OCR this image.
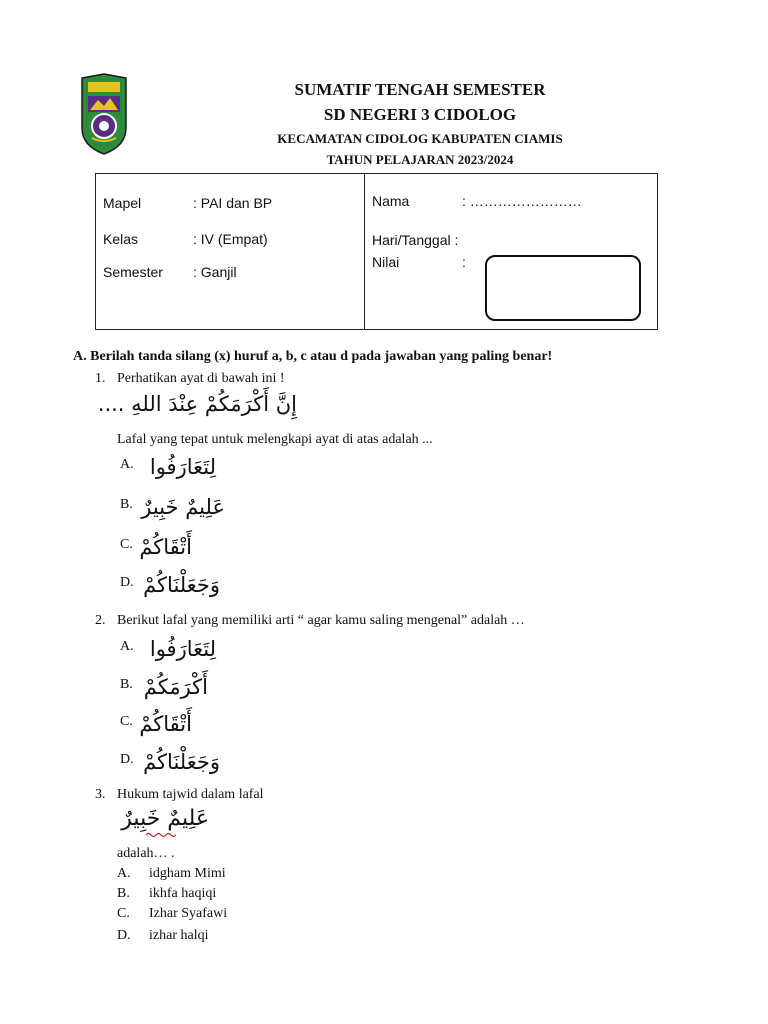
SUMATIF TENGAH SEMESTER
SD NEGERI 3 CIDOLOG
KECAMATAN CIDOLOG KABUPATEN CIAMIS
TAHUN PELAJARAN 2023/2024
Mapel	: PAI dan BP
Kelas	: IV (Empat)
Semester : Ganjil
Nama	: ……………………
Hari/Tanggal :
Nilai	:
A. Berilah tanda silang (x) huruf a, b, c atau d pada jawaban yang paling benar!
1. Perhatikan ayat di bawah ini !
إِنَّ أَكْرَمَكُمْ عِنْدَ اللهِ ....
Lafal yang tepat untuk melengkapi ayat di atas adalah ...
A. لِتَعَارَفُوا
B. عَلِيمٌ خَبِيرٌ
C. أَتْقَاكُمْ
D. وَجَعَلْنَاكُمْ
2. Berikut lafal yang memiliki arti “ agar kamu saling mengenal” adalah …
A. لِتَعَارَفُوا
B. أَكْرَمَكُمْ
C. أَتْقَاكُمْ
D. وَجَعَلْنَاكُمْ
3. Hukum tajwid dalam lafal
عَلِيمٌ خَبِيرٌ
adalah… .
A. idgham Mimi
B. ikhfa haqiqi
C. Izhar Syafawi
D. izhar halqi
